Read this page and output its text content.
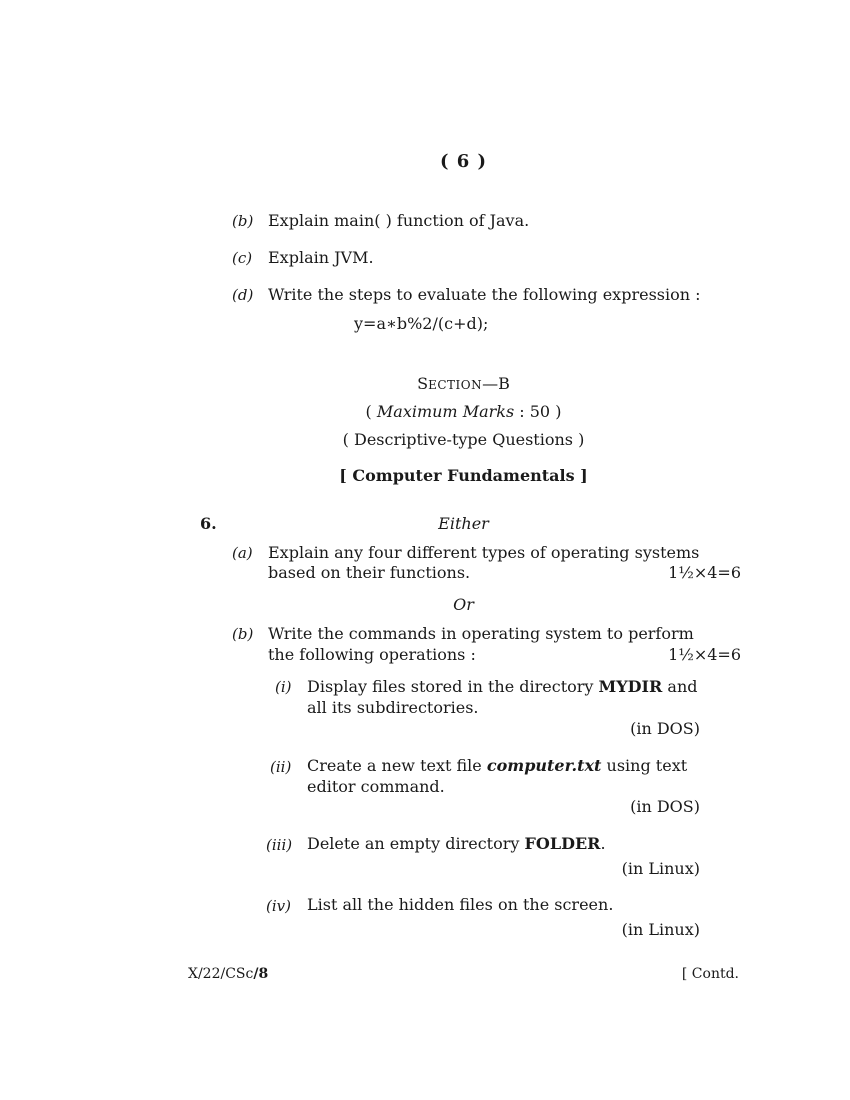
( 6 )
(b) Explain main( ) function of Java.
(c) Explain JVM.
(d) Write the steps to evaluate the following expression :
y=a∗b%2/(c+d);
SECTION—B
( Maximum Marks : 50 )
( Descriptive-type Questions )
[ Computer Fundamentals ]
6.	Either
(a) Explain any four different types of operating systems
based on their functions.	1½×4=6
Or
(b) Write the commands in operating system to perform
the following operations :	1½×4=6
(i) Display files stored in the directory MYDIR and
all its subdirectories.
(in DOS)
(ii) Create a new text file computer.txt using text
editor command.
(in DOS)
(iii) Delete an empty directory FOLDER.
(in Linux)
(iv) List all the hidden files on the screen.
(in Linux)
X/22/CSc/8	[ Contd.
